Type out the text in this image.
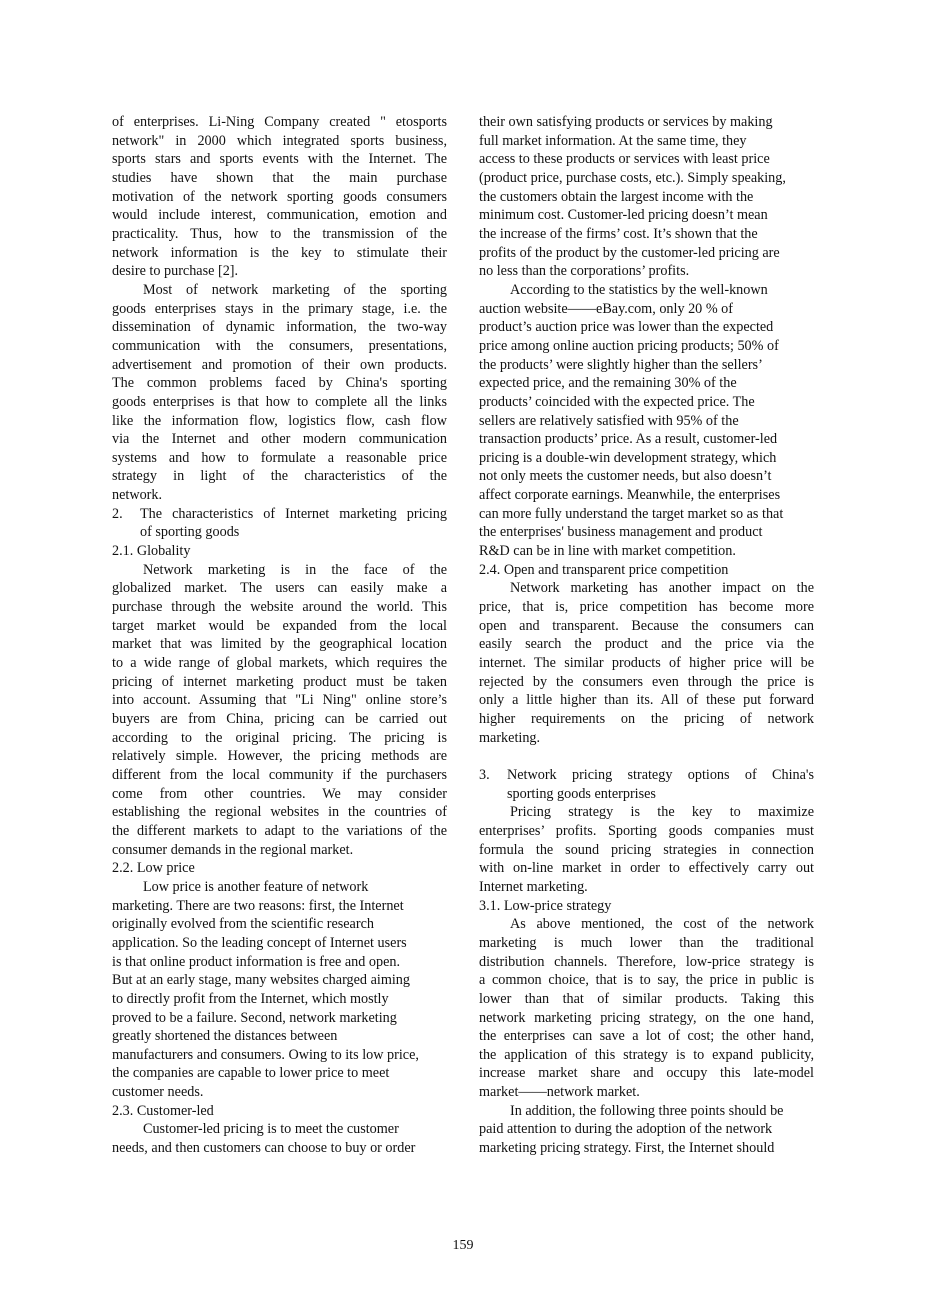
of enterprises. Li-Ning Company created " etosports
network" in 2000 which integrated sports business,
sports stars and sports events with the Internet. The
studies have shown that the main purchase
motivation of the network sporting goods consumers
would include interest, communication, emotion and
practicality. Thus, how to the transmission of the
network information is the key to stimulate their
desire to purchase [2].
Most of network marketing of the sporting
goods enterprises stays in the primary stage, i.e. the
dissemination of dynamic information, the two-way
communication with the consumers, presentations,
advertisement and promotion of their own products.
The common problems faced by China's sporting
goods enterprises is that how to complete all the links
like the information flow, logistics flow, cash flow
via the Internet and other modern communication
systems and how to formulate a reasonable price
strategy in light of the characteristics of the
network.
2.	The characteristics of Internet marketing pricing
of sporting goods
2.1. Globality
Network marketing is in the face of the
globalized market. The users can easily make a
purchase through the website around the world. This
target market would be expanded from the local
market that was limited by the geographical location
to a wide range of global markets, which requires the
pricing of internet marketing product must be taken
into account. Assuming that "Li Ning" online store’s
buyers are from China, pricing can be carried out
according to the original pricing. The pricing is
relatively simple. However, the pricing methods are
different from the local community if the purchasers
come from other countries. We may consider
establishing the regional websites in the countries of
the different markets to adapt to the variations of the
consumer demands in the regional market.
2.2. Low price
Low price is another feature of network
marketing. There are two reasons: first, the Internet
originally evolved from the scientific research
application. So the leading concept of Internet users
is that online product information is free and open.
But at an early stage, many websites charged aiming
to directly profit from the Internet, which mostly
proved to be a failure. Second, network marketing
greatly shortened the distances between
manufacturers and consumers. Owing to its low price,
the companies are capable to lower price to meet
customer needs.
2.3. Customer-led
Customer-led pricing is to meet the customer
needs, and then customers can choose to buy or order
their own satisfying products or services by making
full market information. At the same time, they
access to these products or services with least price
(product price, purchase costs, etc.). Simply speaking,
the customers obtain the largest income with the
minimum cost. Customer-led pricing doesn’t mean
the increase of the firms’ cost. It’s shown that the
profits of the product by the customer-led pricing are
no less than the corporations’ profits.
According to the statistics by the well-known
auction website——eBay.com, only 20 % of
product’s auction price was lower than the expected
price among online auction pricing products; 50% of
the products’ were slightly higher than the sellers’
expected price, and the remaining 30% of the
products’ coincided with the expected price. The
sellers are relatively satisfied with 95% of the
transaction products’ price. As a result, customer-led
pricing is a double-win development strategy, which
not only meets the customer needs, but also doesn’t
affect corporate earnings. Meanwhile, the enterprises
can more fully understand the target market so as that
the enterprises' business management and product
R&D can be in line with market competition.
2.4. Open and transparent price competition
Network marketing has another impact on the
price, that is, price competition has become more
open and transparent. Because the consumers can
easily search the product and the price via the
internet. The similar products of higher price will be
rejected by the consumers even through the price is
only a little higher than its. All of these put forward
higher requirements on the pricing of network
marketing.
3.	Network pricing strategy options of China's
sporting goods enterprises
Pricing strategy is the key to maximize
enterprises’ profits. Sporting goods companies must
formula the sound pricing strategies in connection
with on-line market in order to effectively carry out
Internet marketing.
3.1. Low-price strategy
As above mentioned, the cost of the network
marketing is much lower than the traditional
distribution channels. Therefore, low-price strategy is
a common choice, that is to say, the price in public is
lower than that of similar products. Taking this
network marketing pricing strategy, on the one hand,
the enterprises can save a lot of cost; the other hand,
the application of this strategy is to expand publicity,
increase market share and occupy this late-model
market——network market.
In addition, the following three points should be
paid attention to during the adoption of the network
marketing pricing strategy. First, the Internet should
159
